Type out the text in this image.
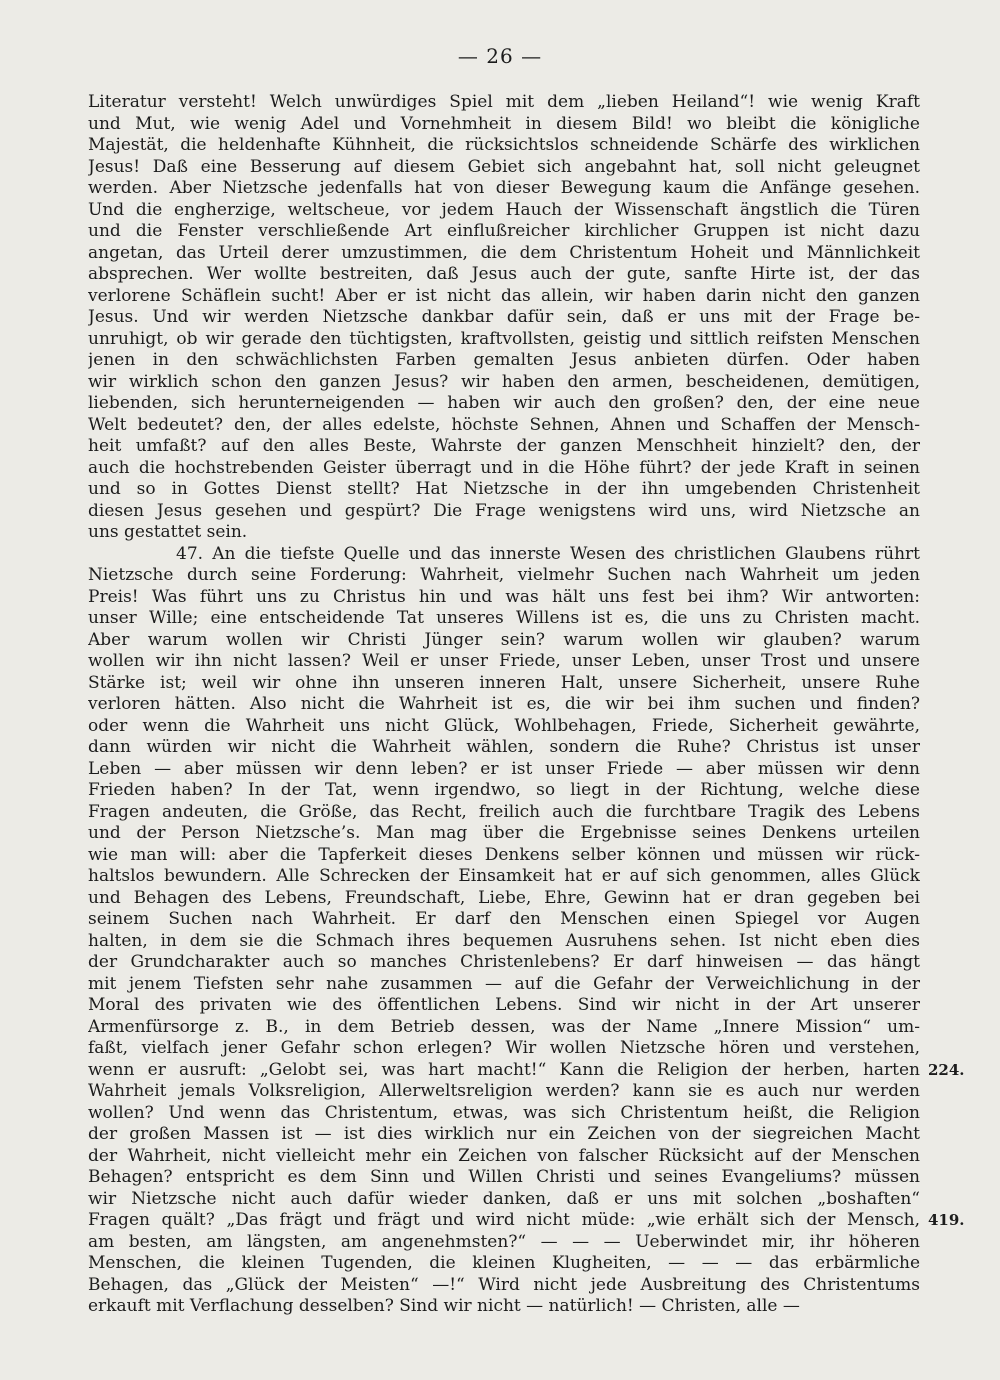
— 26 —
Literatur versteht! Welch unwürdiges Spiel mit dem „lieben Heiland“! wie wenig Kraft
und Mut, wie wenig Adel und Vornehmheit in diesem Bild! wo bleibt die königliche
Majestät, die heldenhafte Kühnheit, die rücksichtslos schneidende Schärfe des wirklichen
Jesus! Daß eine Besserung auf diesem Gebiet sich angebahnt hat, soll nicht geleugnet
werden. Aber Nietzsche jedenfalls hat von dieser Bewegung kaum die Anfänge gesehen.
Und die engherzige, weltscheue, vor jedem Hauch der Wissenschaft ängstlich die Türen
und die Fenster verschließende Art einflußreicher kirchlicher Gruppen ist nicht dazu
angetan, das Urteil derer umzustimmen, die dem Christentum Hoheit und Männlichkeit
absprechen. Wer wollte bestreiten, daß Jesus auch der gute, sanfte Hirte ist, der das
verlorene Schäflein sucht! Aber er ist nicht das allein, wir haben darin nicht den ganzen
Jesus. Und wir werden Nietzsche dankbar dafür sein, daß er uns mit der Frage be-
unruhigt, ob wir gerade den tüchtigsten, kraftvollsten, geistig und sittlich reifsten Menschen
jenen in den schwächlichsten Farben gemalten Jesus anbieten dürfen. Oder haben
wir wirklich schon den ganzen Jesus? wir haben den armen, bescheidenen, demütigen,
liebenden, sich herunterneigenden — haben wir auch den großen? den, der eine neue
Welt bedeutet? den, der alles edelste, höchste Sehnen, Ahnen und Schaffen der Mensch-
heit umfaßt? auf den alles Beste, Wahrste der ganzen Menschheit hinzielt? den, der
auch die hochstrebenden Geister überragt und in die Höhe führt? der jede Kraft in seinen
und so in Gottes Dienst stellt? Hat Nietzsche in der ihn umgebenden Christenheit
diesen Jesus gesehen und gespürt? Die Frage wenigstens wird uns, wird Nietzsche an
uns gestattet sein.
47. An die tiefste Quelle und das innerste Wesen des christlichen Glaubens rührt
Nietzsche durch seine Forderung: Wahrheit, vielmehr Suchen nach Wahrheit um jeden
Preis! Was führt uns zu Christus hin und was hält uns fest bei ihm? Wir antworten:
unser Wille; eine entscheidende Tat unseres Willens ist es, die uns zu Christen macht.
Aber warum wollen wir Christi Jünger sein? warum wollen wir glauben? warum
wollen wir ihn nicht lassen? Weil er unser Friede, unser Leben, unser Trost und unsere
Stärke ist; weil wir ohne ihn unseren inneren Halt, unsere Sicherheit, unsere Ruhe
verloren hätten. Also nicht die Wahrheit ist es, die wir bei ihm suchen und finden?
oder wenn die Wahrheit uns nicht Glück, Wohlbehagen, Friede, Sicherheit gewährte,
dann würden wir nicht die Wahrheit wählen, sondern die Ruhe? Christus ist unser
Leben — aber müssen wir denn leben? er ist unser Friede — aber müssen wir denn
Frieden haben? In der Tat, wenn irgendwo, so liegt in der Richtung, welche diese
Fragen andeuten, die Größe, das Recht, freilich auch die furchtbare Tragik des Lebens
und der Person Nietzsche’s. Man mag über die Ergebnisse seines Denkens urteilen
wie man will: aber die Tapferkeit dieses Denkens selber können und müssen wir rück-
haltslos bewundern. Alle Schrecken der Einsamkeit hat er auf sich genommen, alles Glück
und Behagen des Lebens, Freundschaft, Liebe, Ehre, Gewinn hat er dran gegeben bei
seinem Suchen nach Wahrheit. Er darf den Menschen einen Spiegel vor Augen
halten, in dem sie die Schmach ihres bequemen Ausruhens sehen. Ist nicht eben dies
der Grundcharakter auch so manches Christenlebens? Er darf hinweisen — das hängt
mit jenem Tiefsten sehr nahe zusammen — auf die Gefahr der Verweichlichung in der
Moral des privaten wie des öffentlichen Lebens. Sind wir nicht in der Art unserer
Armenfürsorge z. B., in dem Betrieb dessen, was der Name „Innere Mission“ um-
faßt, vielfach jener Gefahr schon erlegen? Wir wollen Nietzsche hören und verstehen,
wenn er ausruft: „Gelobt sei, was hart macht!“ Kann die Religion der herben, harten
Wahrheit jemals Volksreligion, Allerweltsreligion werden? kann sie es auch nur werden
wollen? Und wenn das Christentum, etwas, was sich Christentum heißt, die Religion
der großen Massen ist — ist dies wirklich nur ein Zeichen von der siegreichen Macht
der Wahrheit, nicht vielleicht mehr ein Zeichen von falscher Rücksicht auf der Menschen
Behagen? entspricht es dem Sinn und Willen Christi und seines Evangeliums? müssen
wir Nietzsche nicht auch dafür wieder danken, daß er uns mit solchen „boshaften“
Fragen quält? „Das frägt und frägt und wird nicht müde: „wie erhält sich der Mensch,
am besten, am längsten, am angenehmsten?“ — — — Ueberwindet mir, ihr höheren
Menschen, die kleinen Tugenden, die kleinen Klugheiten, — — — das erbärmliche
Behagen, das „Glück der Meisten“ —!“ Wird nicht jede Ausbreitung des Christentums
erkauft mit Verflachung desselben? Sind wir nicht — natürlich! — Christen, alle —
224.
419.
